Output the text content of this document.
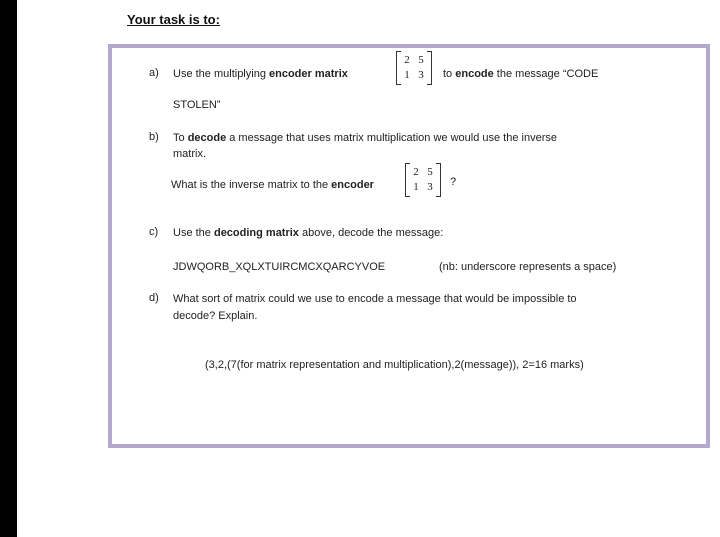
Your task is to:
a) Use the multiplying encoder matrix
2 5
1 3 to encode the message “CODE
STOLEN”
b) To decode a message that uses matrix multiplication we would use the inverse
matrix.
What is the inverse matrix to the encoder
2 5
1 3 ?
c) Use the decoding matrix above, decode the message:
JDWQORB_XQLXTUIRCMCXQARCYVOE	(nb: underscore represents a space)
d) What sort of matrix could we use to encode a message that would be impossible to
decode? Explain.
(3,2,(7(for matrix representation and multiplication),2(message)), 2=16 marks)
